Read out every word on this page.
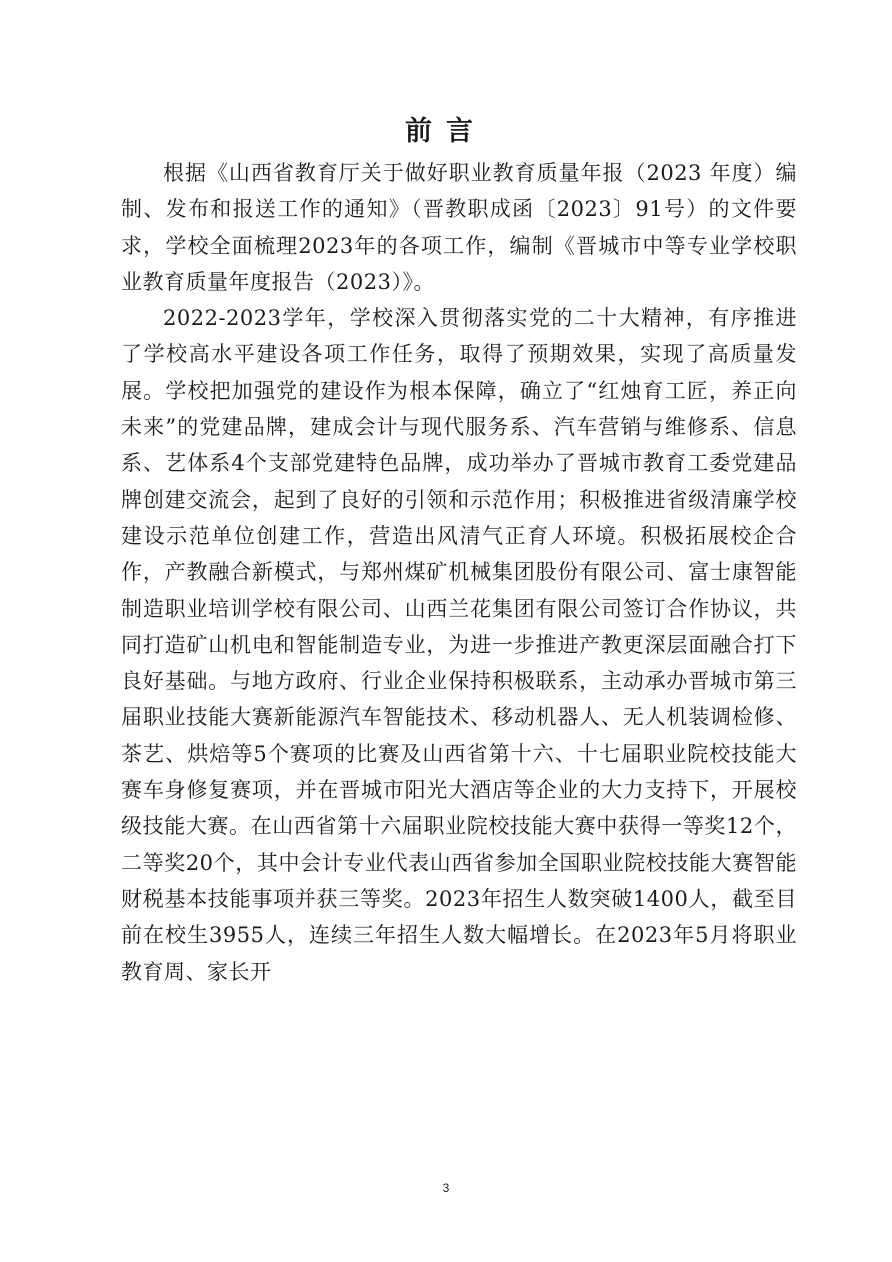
前言

根据《山西省教育厅关于做好职业教育质量年报（2023 年度）编制、发布和报送工作的通知》（晋教职成函〔2023〕91号）的文件要求，学校全面梳理2023年的各项工作，编制《晋城市中等专业学校职业教育质量年度报告（2023）》。

2022-2023学年，学校深入贯彻落实党的二十大精神，有序推进了学校高水平建设各项工作任务，取得了预期效果，实现了高质量发展。学校把加强党的建设作为根本保障，确立了“红烛育工匠，养正向未来”的党建品牌，建成会计与现代服务系、汽车营销与维修系、信息系、艺体系4个支部党建特色品牌，成功举办了晋城市教育工委党建品牌创建交流会，起到了良好的引领和示范作用；积极推进省级清廉学校建设示范单位创建工作，营造出风清气正育人环境。积极拓展校企合作，产教融合新模式，与郑州煤矿机械集团股份有限公司、富士康智能制造职业培训学校有限公司、山西兰花集团有限公司签订合作协议，共同打造矿山机电和智能制造专业，为进一步推进产教更深层面融合打下良好基础。与地方政府、行业企业保持积极联系，主动承办晋城市第三届职业技能大赛新能源汽车智能技术、移动机器人、无人机装调检修、茶艺、烘焙等5个赛项的比赛及山西省第十六、十七届职业院校技能大赛车身修复赛项，并在晋城市阳光大酒店等企业的大力支持下，开展校级技能大赛。在山西省第十六届职业院校技能大赛中获得一等奖12个，二等奖20个，其中会计专业代表山西省参加全国职业院校技能大赛智能财税基本技能事项并获三等奖。2023年招生人数突破1400人，截至目前在校生3955人，连续三年招生人数大幅增长。在2023年5月将职业教育周、家长开

3
